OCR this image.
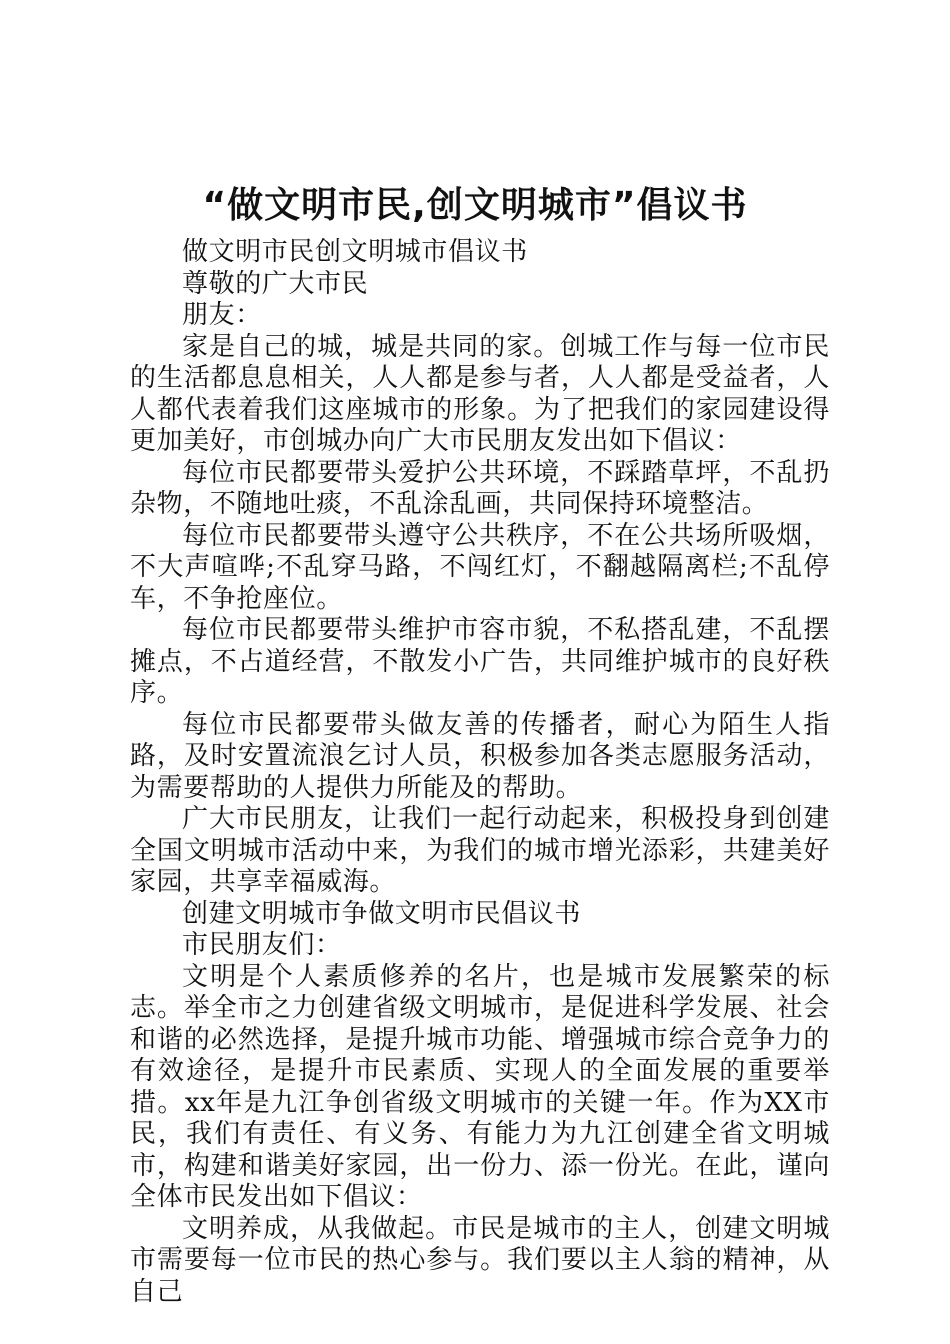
“做文明市民,创文明城市”倡议书

做文明市民创文明城市倡议书

尊敬的广大市民

朋友：

家是自己的城，城是共同的家。创城工作与每一位市民的生活都息息相关，人人都是参与者，人人都是受益者，人人都代表着我们这座城市的形象。为了把我们的家园建设得更加美好，市创城办向广大市民朋友发出如下倡议：

每位市民都要带头爱护公共环境，不踩踏草坪，不乱扔杂物，不随地吐痰，不乱涂乱画，共同保持环境整洁。

每位市民都要带头遵守公共秩序，不在公共场所吸烟，不大声喧哗;不乱穿马路，不闯红灯，不翻越隔离栏;不乱停车，不争抢座位。

每位市民都要带头维护市容市貌，不私搭乱建，不乱摆摊点，不占道经营，不散发小广告，共同维护城市的良好秩序。

每位市民都要带头做友善的传播者，耐心为陌生人指路，及时安置流浪乞讨人员，积极参加各类志愿服务活动，为需要帮助的人提供力所能及的帮助。

广大市民朋友，让我们一起行动起来，积极投身到创建全国文明城市活动中来，为我们的城市增光添彩，共建美好家园，共享幸福威海。

创建文明城市争做文明市民倡议书

市民朋友们：

文明是个人素质修养的名片，也是城市发展繁荣的标志。举全市之力创建省级文明城市，是促进科学发展、社会和谐的必然选择，是提升城市功能、增强城市综合竞争力的有效途径，是提升市民素质、实现人的全面发展的重要举措。xx年是九江争创省级文明城市的关键一年。作为XX市民，我们有责任、有义务、有能力为九江创建全省文明城市，构建和谐美好家园，出一份力、添一份光。在此，谨向全体市民发出如下倡议：

文明养成，从我做起。市民是城市的主人，创建文明城市需要每一位市民的热心参与。我们要以主人翁的精神，从自己
